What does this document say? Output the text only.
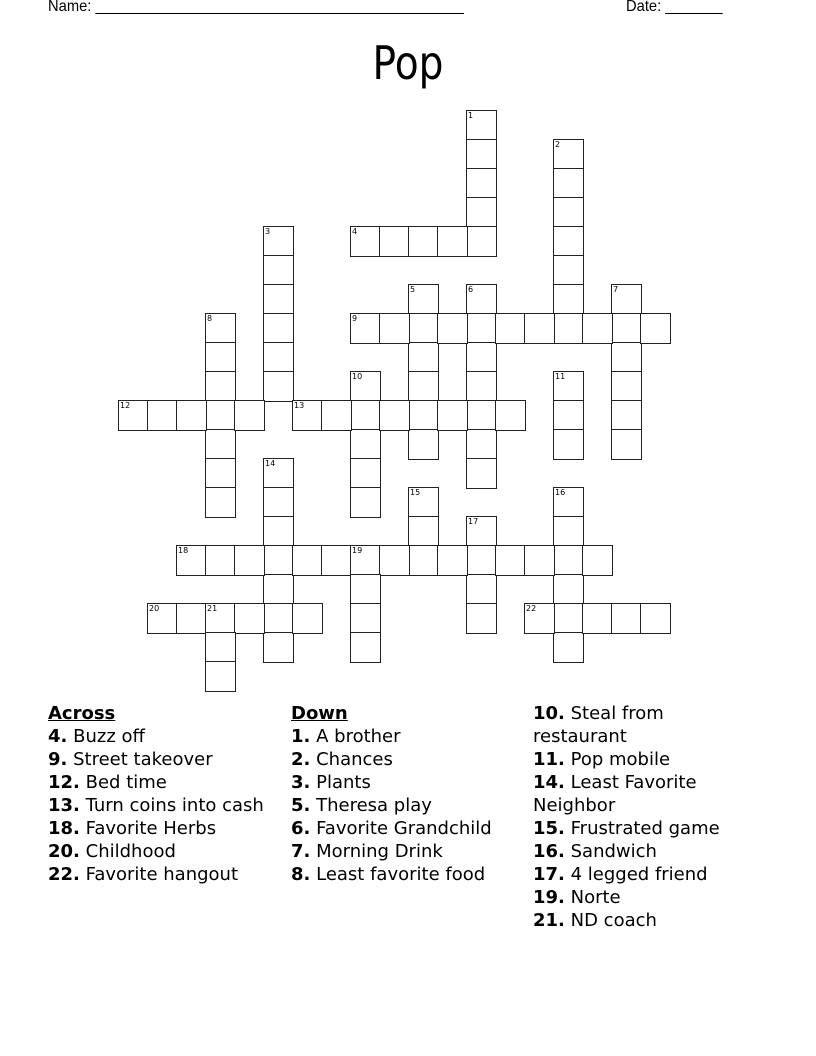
Name: _____________________________________________	Date: _______
Pop
1
2
3	4
5	6	7
8	9
10	11
12	13
14
15	16
17
18	19
20	21	22
Across
4. Buzz off
9. Street takeover
12. Bed time
13. Turn coins into cash
18. Favorite Herbs
20. Childhood
22. Favorite hangout
Down
1. A brother
2. Chances
3. Plants
5. Theresa play
6. Favorite Grandchild
7. Morning Drink
8. Least favorite food
10. Steal from restaurant
11. Pop mobile
14. Least Favorite Neighbor
15. Frustrated game
16. Sandwich
17. 4 legged friend
19. Norte
21. ND coach
